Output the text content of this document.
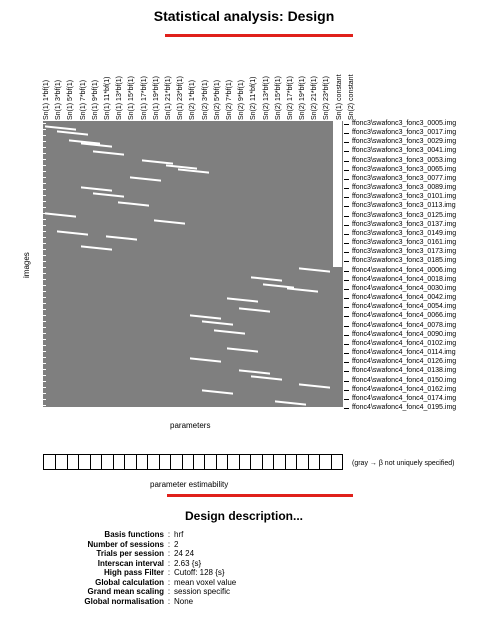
Statistical analysis: Design
Sn(1) 1*bf(1) Sn(1) 3*bf(1) Sn(1) 5*bf(1) Sn(1) 7*bf(1) Sn(1) 9*bf(1) Sn(1) 11*bf(1) Sn(1) 13*bf(1) Sn(1) 15*bf(1) Sn(1) 17*bf(1) Sn(1) 19*bf(1) Sn(1) 21*bf(1) Sn(1) 23*bf(1) Sn(2) 1*bf(1) Sn(2) 3*bf(1) Sn(2) 5*bf(1) Sn(2) 7*bf(1) Sn(2) 9*bf(1) Sn(2) 11*bf(1) Sn(2) 13*bf(1) Sn(2) 15*bf(1) Sn(2) 17*bf(1) Sn(2) 19*bf(1) Sn(2) 21*bf(1) Sn(2) 23*bf(1) Sn(1) constant Sn(2) constant
ffonc3\swafonc3_fonc3_0005.img
ffonc3\swafonc3_fonc3_0017.img
ffonc3\swafonc3_fonc3_0029.img
ffonc3\swafonc3_fonc3_0041.img
ffonc3\swafonc3_fonc3_0053.img
ffonc3\swafonc3_fonc3_0065.img
ffonc3\swafonc3_fonc3_0077.img
ffonc3\swafonc3_fonc3_0089.img
ffonc3\swafonc3_fonc3_0101.img
ffonc3\swafonc3_fonc3_0113.img
ffonc3\swafonc3_fonc3_0125.img
ffonc3\swafonc3_fonc3_0137.img
ffonc3\swafonc3_fonc3_0149.img
ffonc3\swafonc3_fonc3_0161.img
ffonc3\swafonc3_fonc3_0173.img
ffonc3\swafonc3_fonc3_0185.img
ffonc4\swafonc4_fonc4_0006.img
ffonc4\swafonc4_fonc4_0018.img
ffonc4\swafonc4_fonc4_0030.img
ffonc4\swafonc4_fonc4_0042.img
ffonc4\swafonc4_fonc4_0054.img
ffonc4\swafonc4_fonc4_0066.img
ffonc4\swafonc4_fonc4_0078.img
ffonc4\swafonc4_fonc4_0090.img
ffonc4\swafonc4_fonc4_0102.img
ffonc4\swafonc4_fonc4_0114.img
ffonc4\swafonc4_fonc4_0126.img
ffonc4\swafonc4_fonc4_0138.img
ffonc4\swafonc4_fonc4_0150.img
ffonc4\swafonc4_fonc4_0162.img
ffonc4\swafonc4_fonc4_0174.img
ffonc4\swafonc4_fonc4_0195.img
images
parameters
(gray → β not uniquely specified)
parameter estimability
Design description...
Basis functions : hrf
Number of sessions : 2
Trials per session : 24 24
Interscan interval : 2.63 {s}
High pass Filter : Cutoff: 128 {s}
Global calculation : mean voxel value
Grand mean scaling : session specific
Global normalisation : None
